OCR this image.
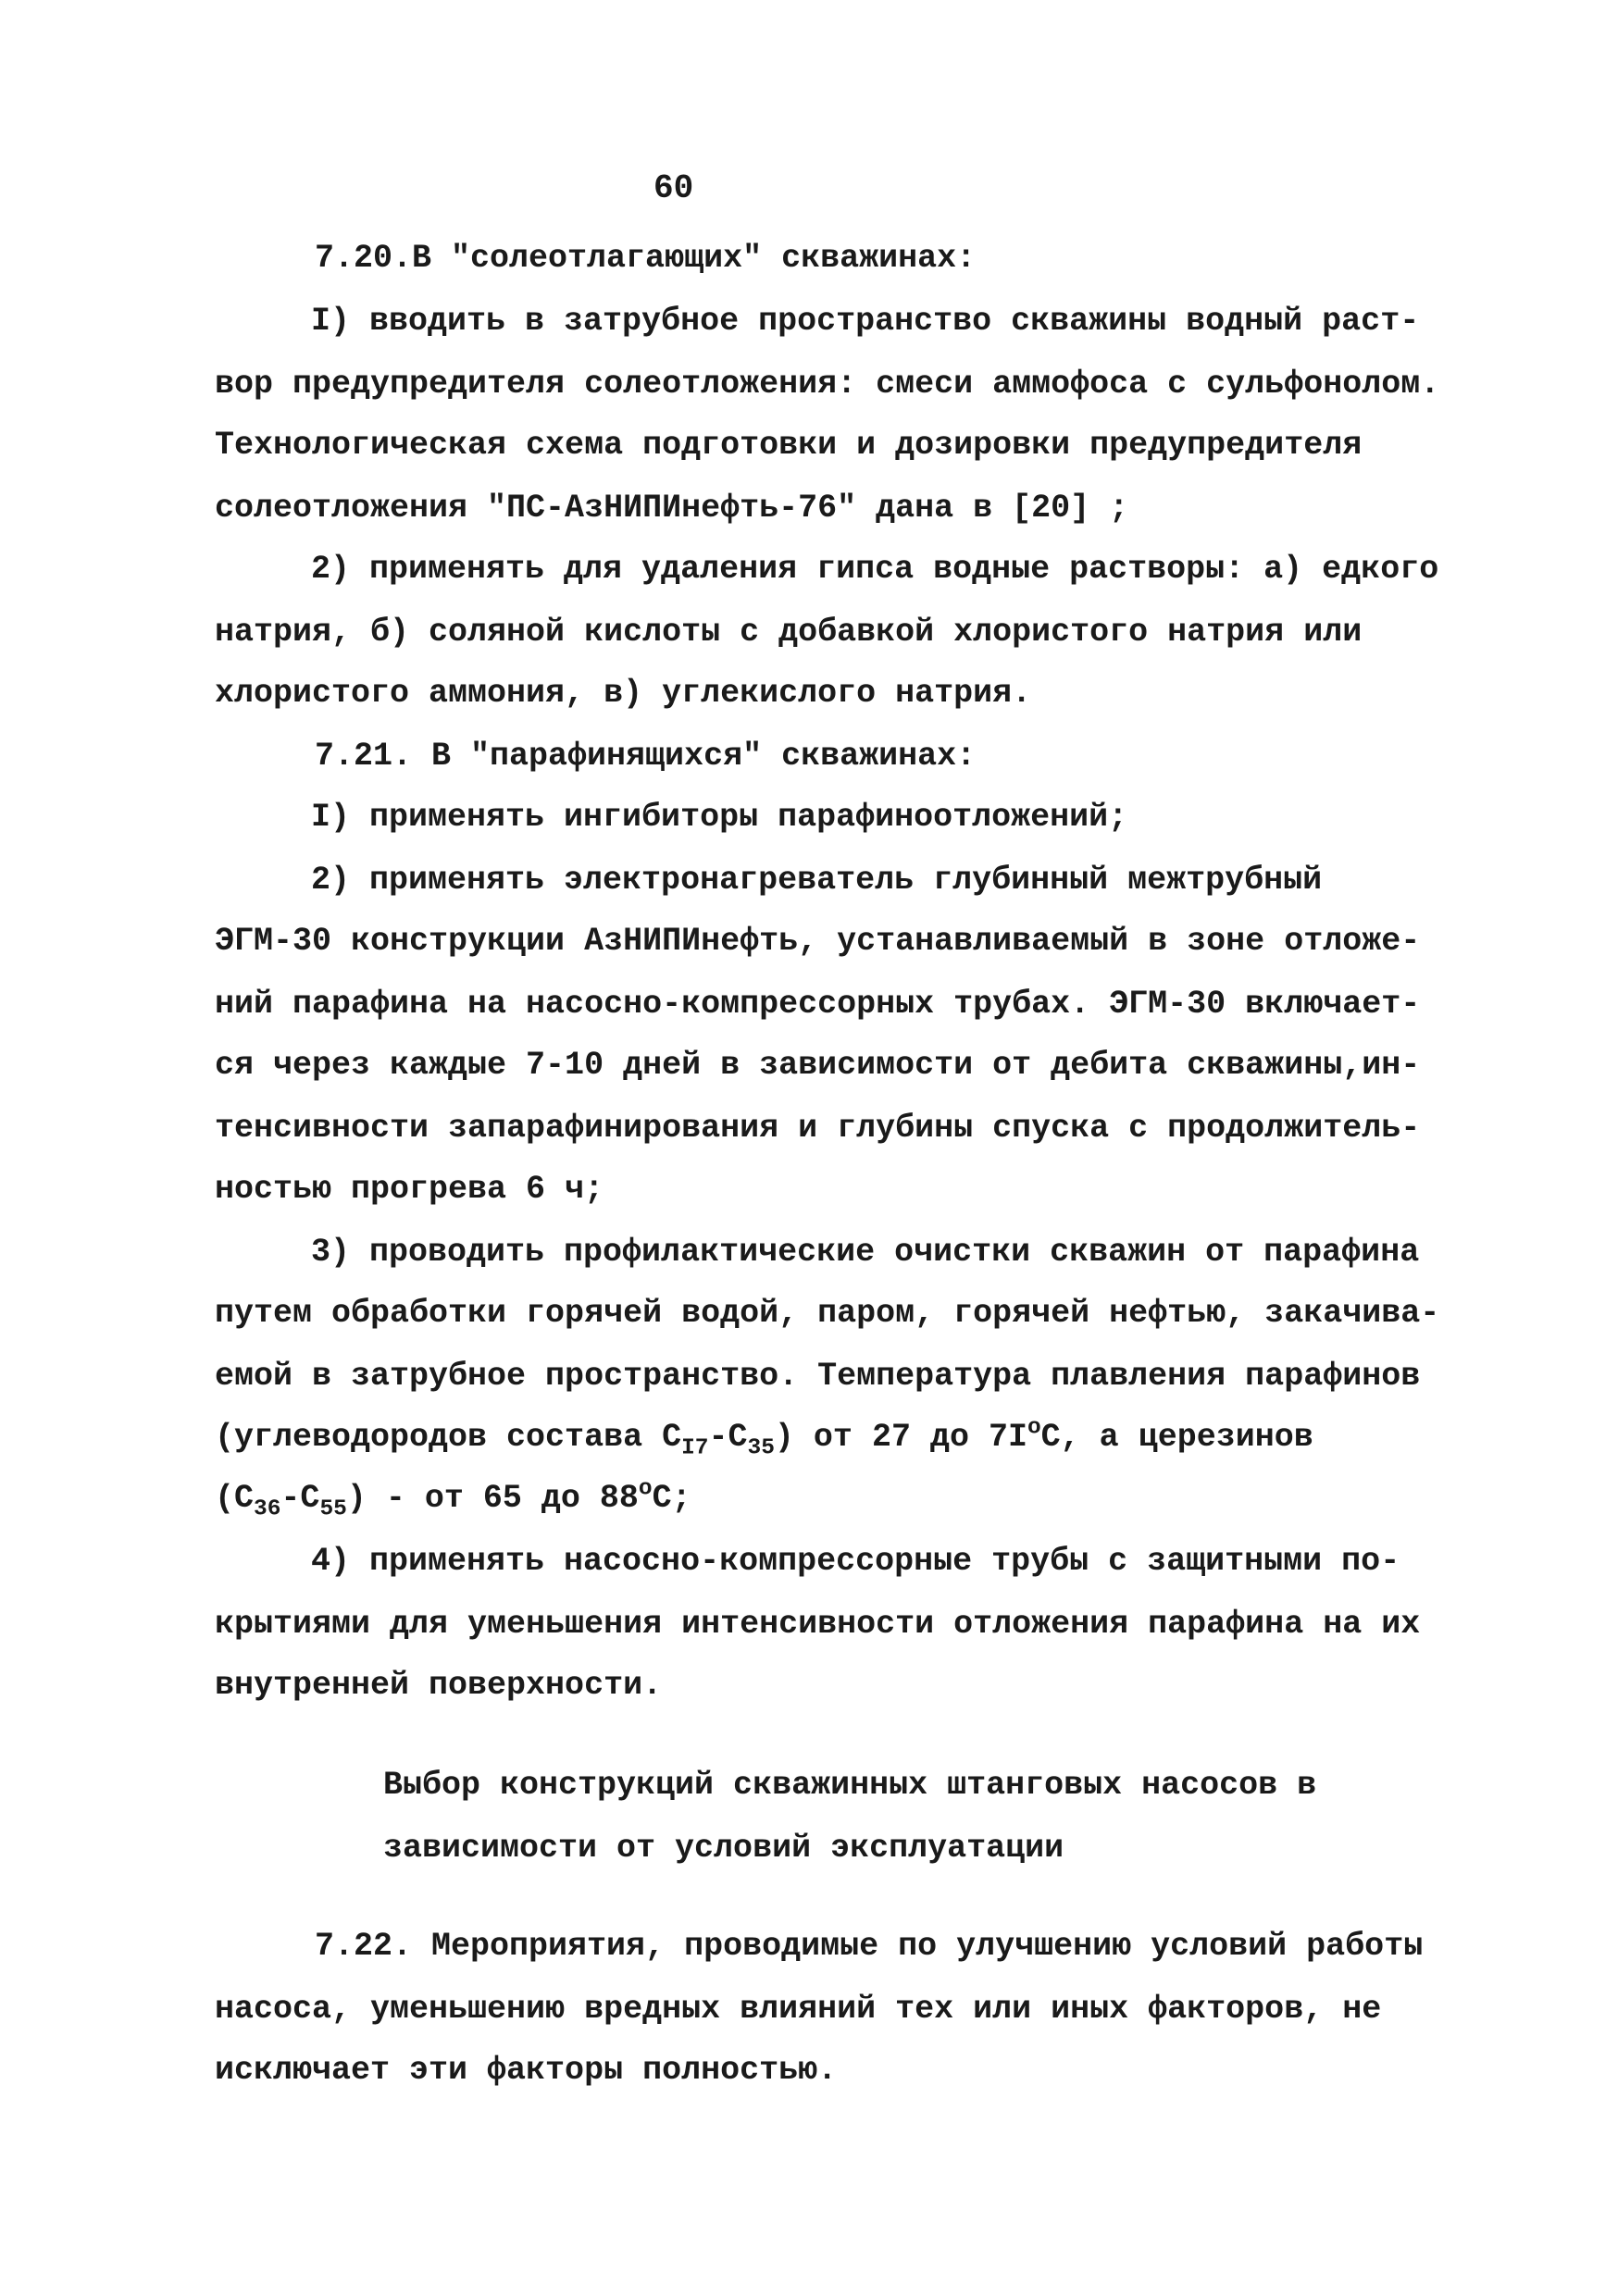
60
7.20.В "солеотлагающих" скважинах:
I) вводить в затрубное пространство скважины водный раст-
вор предупредителя солеотложения: смеси аммофоса с сульфонолом.
Технологическая схема подготовки и дозировки предупредителя
солеотложения "ПС-АзНИПИнефть-76" дана в [20] ;
2) применять для удаления гипса водные растворы: а) едкого
натрия, б) соляной кислоты с добавкой хлористого натрия или
хлористого аммония, в) углекислого натрия.
7.21. В "парафинящихся" скважинах:
I) применять ингибиторы парафиноотложений;
2) применять электронагреватель глубинный межтрубный
ЭГМ-30 конструкции АзНИПИнефть, устанавливаемый в зоне отложе-
ний парафина на насосно-компрессорных трубах. ЭГМ-30 включает-
ся через каждые 7-10 дней в зависимости от дебита скважины,ин-
тенсивности запарафинирования и глубины спуска с продолжитель-
ностью прогрева 6 ч;
3) проводить профилактические очистки скважин от парафина
путем обработки горячей водой, паром, горячей нефтью, закачива-
емой в затрубное пространство. Температура плавления парафинов
(углеводородов состава $С_{I7}-С_{35}$) от 27 до $7I^оС$, а церезинов
$(С_{36}-С_{55})$ - от 65 до $88^оС$;
4) применять насосно-компрессорные трубы с защитными по-
крытиями для уменьшения интенсивности отложения парафина на их
внутренней поверхности.
Выбор конструкций скважинных штанговых насосов в
зависимости от условий эксплуатации
7.22. Мероприятия, проводимые по улучшению условий работы
насоса, уменьшению вредных влияний тех или иных факторов, не
исключает эти факторы полностью.
